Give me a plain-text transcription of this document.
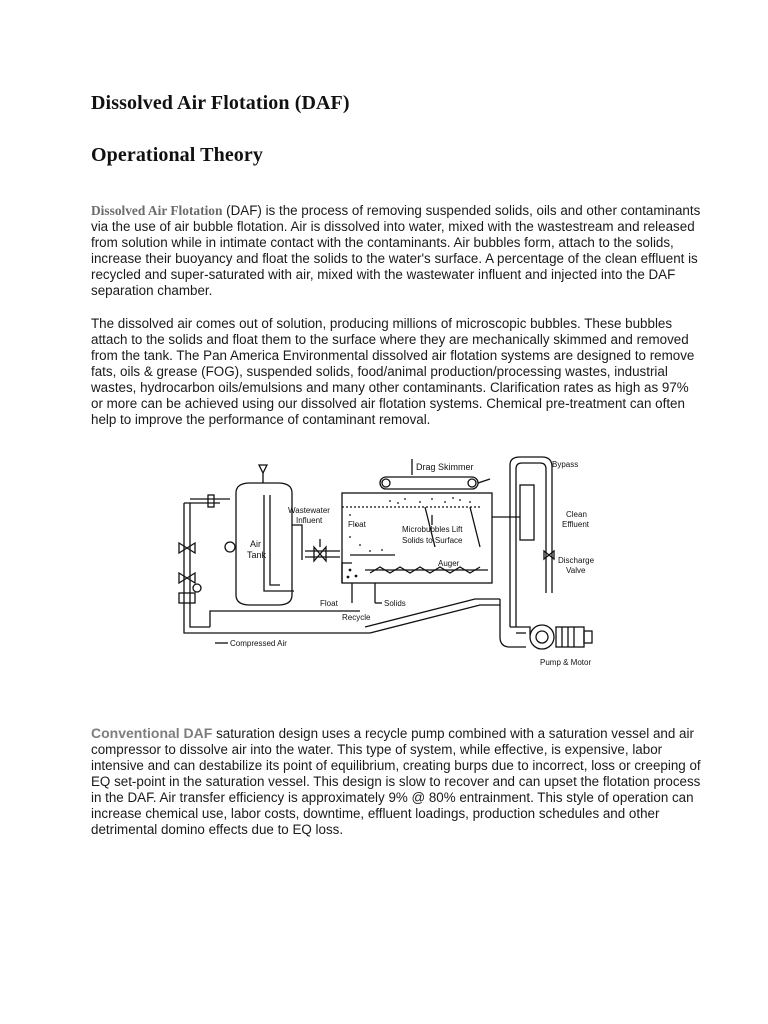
Dissolved Air Flotation (DAF)
Operational Theory

Dissolved Air Flotation (DAF) is the process of removing suspended solids, oils and other contaminants via the use of air bubble flotation. Air is dissolved into water, mixed with the wastestream and released from solution while in intimate contact with the contaminants. Air bubbles form, attach to the solids, increase their buoyancy and float the solids to the water's surface. A percentage of the clean effluent is recycled and super-saturated with air, mixed with the wastewater influent and injected into the DAF separation chamber.

The dissolved air comes out of solution, producing millions of microscopic bubbles. These bubbles attach to the solids and float them to the surface where they are mechanically skimmed and removed from the tank. The Pan America Environmental dissolved air flotation systems are designed to remove fats, oils & grease (FOG), suspended solids, food/animal production/processing wastes, industrial wastes, hydrocarbon oils/emulsions and many other contaminants. Clarification rates as high as 97% or more can be achieved using our dissolved air flotation systems. Chemical pre-treatment can often help to improve the performance of contaminant removal.

Air
Tank
Wastewater
Influent
Drag Skimmer
Auger
Float
Microbubbles Lift
Solids to Surface
Float	Solids
Recycle
Compressed Air
Bypass
Clean
Effluent
Discharge
Valve
Pump & Motor

Conventional DAF saturation design uses a recycle pump combined with a saturation vessel and air compressor to dissolve air into the water. This type of system, while effective, is expensive, labor intensive and can destabilize its point of equilibrium, creating burps due to incorrect, loss or creeping of EQ set-point in the saturation vessel. This design is slow to recover and can upset the flotation process in the DAF. Air transfer efficiency is approximately 9% @ 80% entrainment. This style of operation can increase chemical use, labor costs, downtime, effluent loadings, production schedules and other detrimental domino effects due to EQ loss.
